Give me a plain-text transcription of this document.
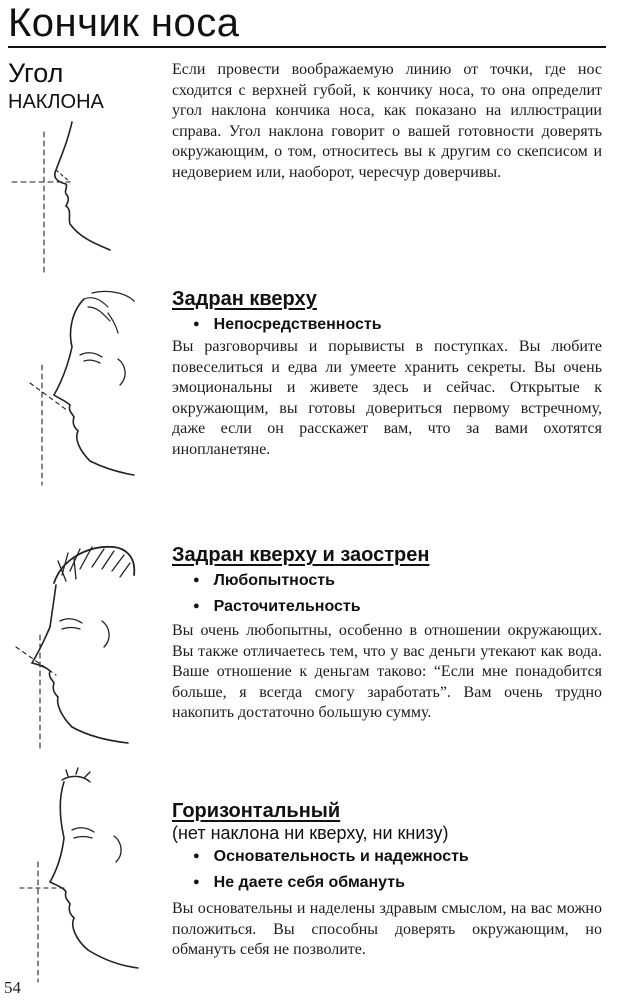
Кончик носа
Угол
НАКЛОНА
Если провести воображаемую линию от точки, где нос сходится с верхней губой, к кончику носа, то она определит угол наклона кончика носа, как показано на иллюстрации справа. Угол наклона говорит о вашей готовности доверять окружающим, о том, относитесь вы к другим со скепсисом и недоверием или, наоборот, чересчур доверчивы.
Задран кверху
● Непосредственность
Вы разговорчивы и порывисты в поступках. Вы любите повеселиться и едва ли умеете хранить секреты. Вы очень эмоциональны и живете здесь и сейчас. Открытые к окружающим, вы готовы довериться первому встречному, даже если он расскажет вам, что за вами охотятся инопланетяне.
Задран кверху и заострен
● Любопытность
● Расточительность
Вы очень любопытны, особенно в отношении окружающих. Вы также отличаетесь тем, что у вас деньги утекают как вода. Ваше отношение к деньгам таково: “Если мне понадобится больше, я всегда смогу заработать”. Вам очень трудно накопить достаточно большую сумму.
Горизонтальный
(нет наклона ни кверху, ни книзу)
● Основательность и надежность
● Не даете себя обмануть
Вы основательны и наделены здравым смыслом, на вас можно положиться. Вы способны доверять окружающим, но обмануть себя не позволите.
54
